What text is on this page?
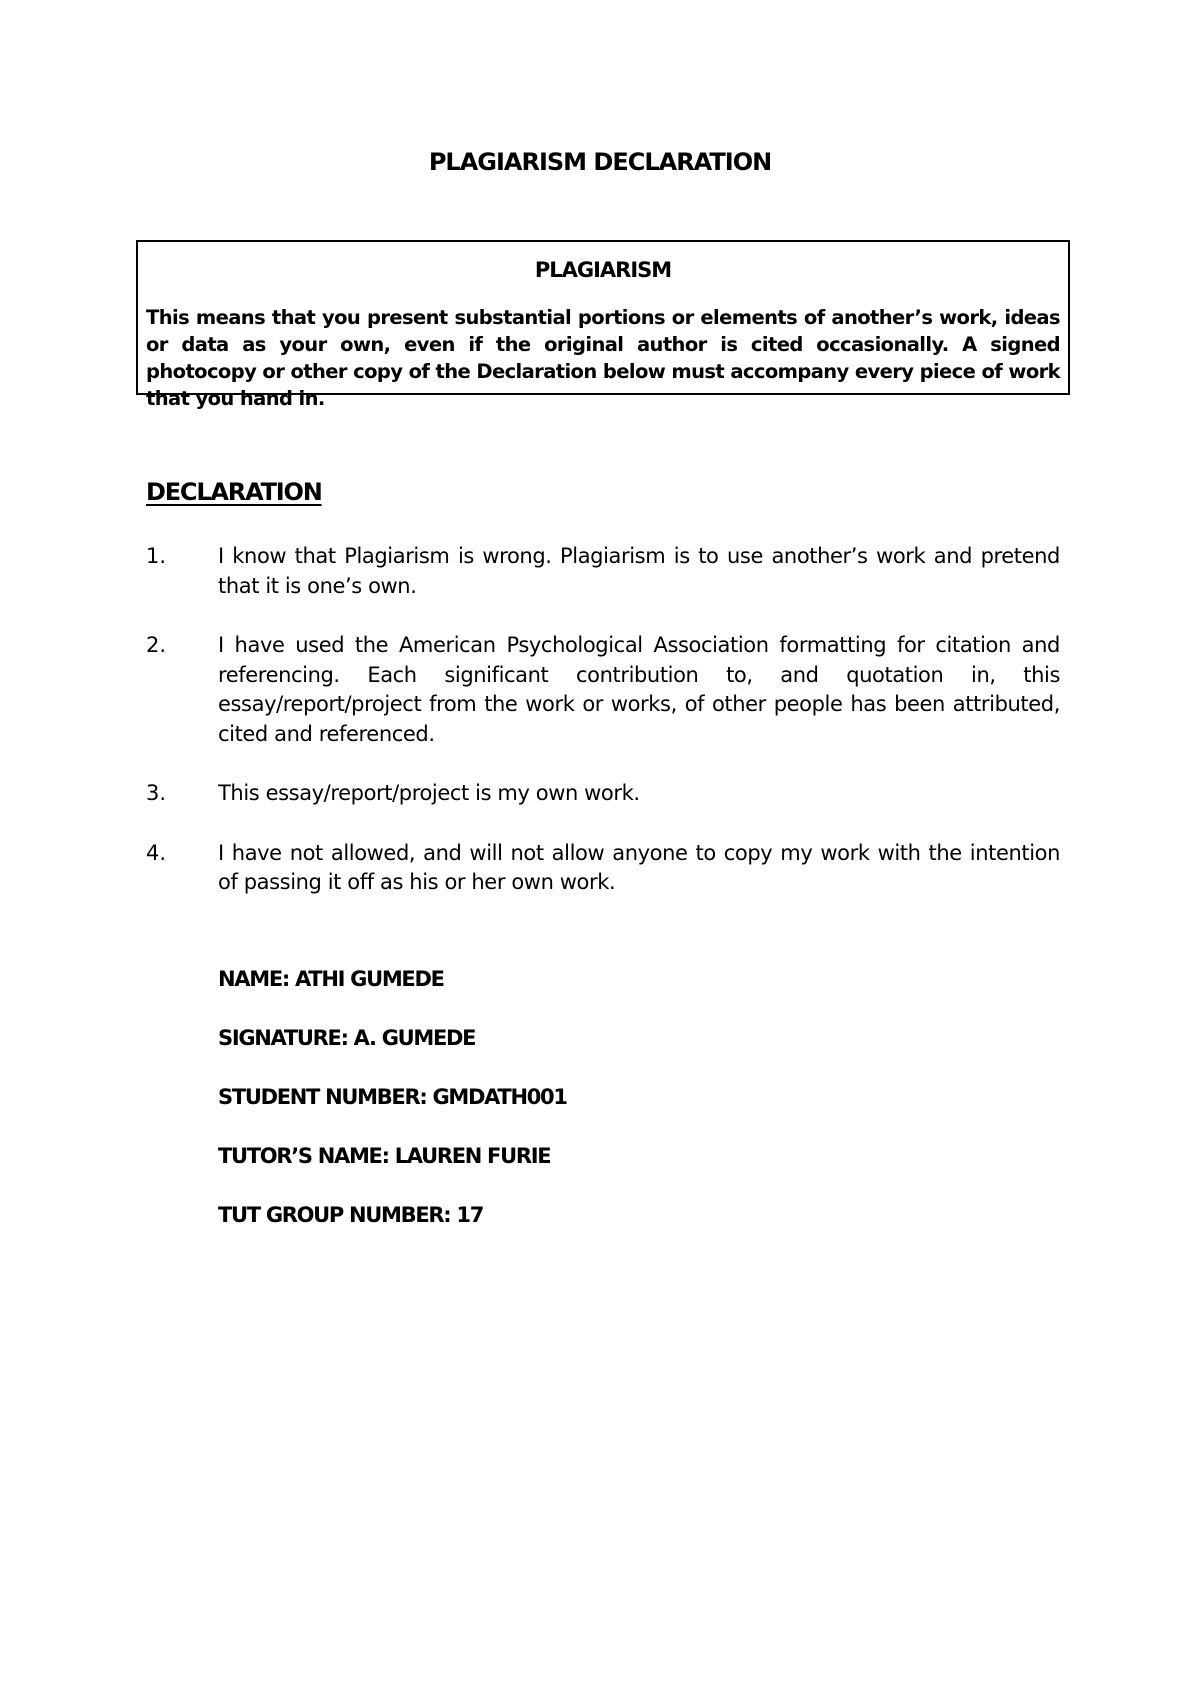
PLAGIARISM DECLARATION
PLAGIARISM

This means that you present substantial portions or elements of another’s work, ideas or data as your own, even if the original author is cited occasionally. A signed photocopy or other copy of the Declaration below must accompany every piece of work that you hand in.

DECLARATION
1.	I know that Plagiarism is wrong. Plagiarism is to use another’s work and pretend that it is one’s own.
2.	I have used the American Psychological Association formatting for citation and referencing. Each significant contribution to, and quotation in, this essay/report/project from the work or works, of other people has been attributed, cited and referenced.
3.	This essay/report/project is my own work.
4.	I have not allowed, and will not allow anyone to copy my work with the intention of passing it off as his or her own work.
NAME: ATHI GUMEDE
SIGNATURE: A. GUMEDE
STUDENT NUMBER: GMDATH001
TUTOR’S NAME: LAUREN FURIE
TUT GROUP NUMBER: 17
